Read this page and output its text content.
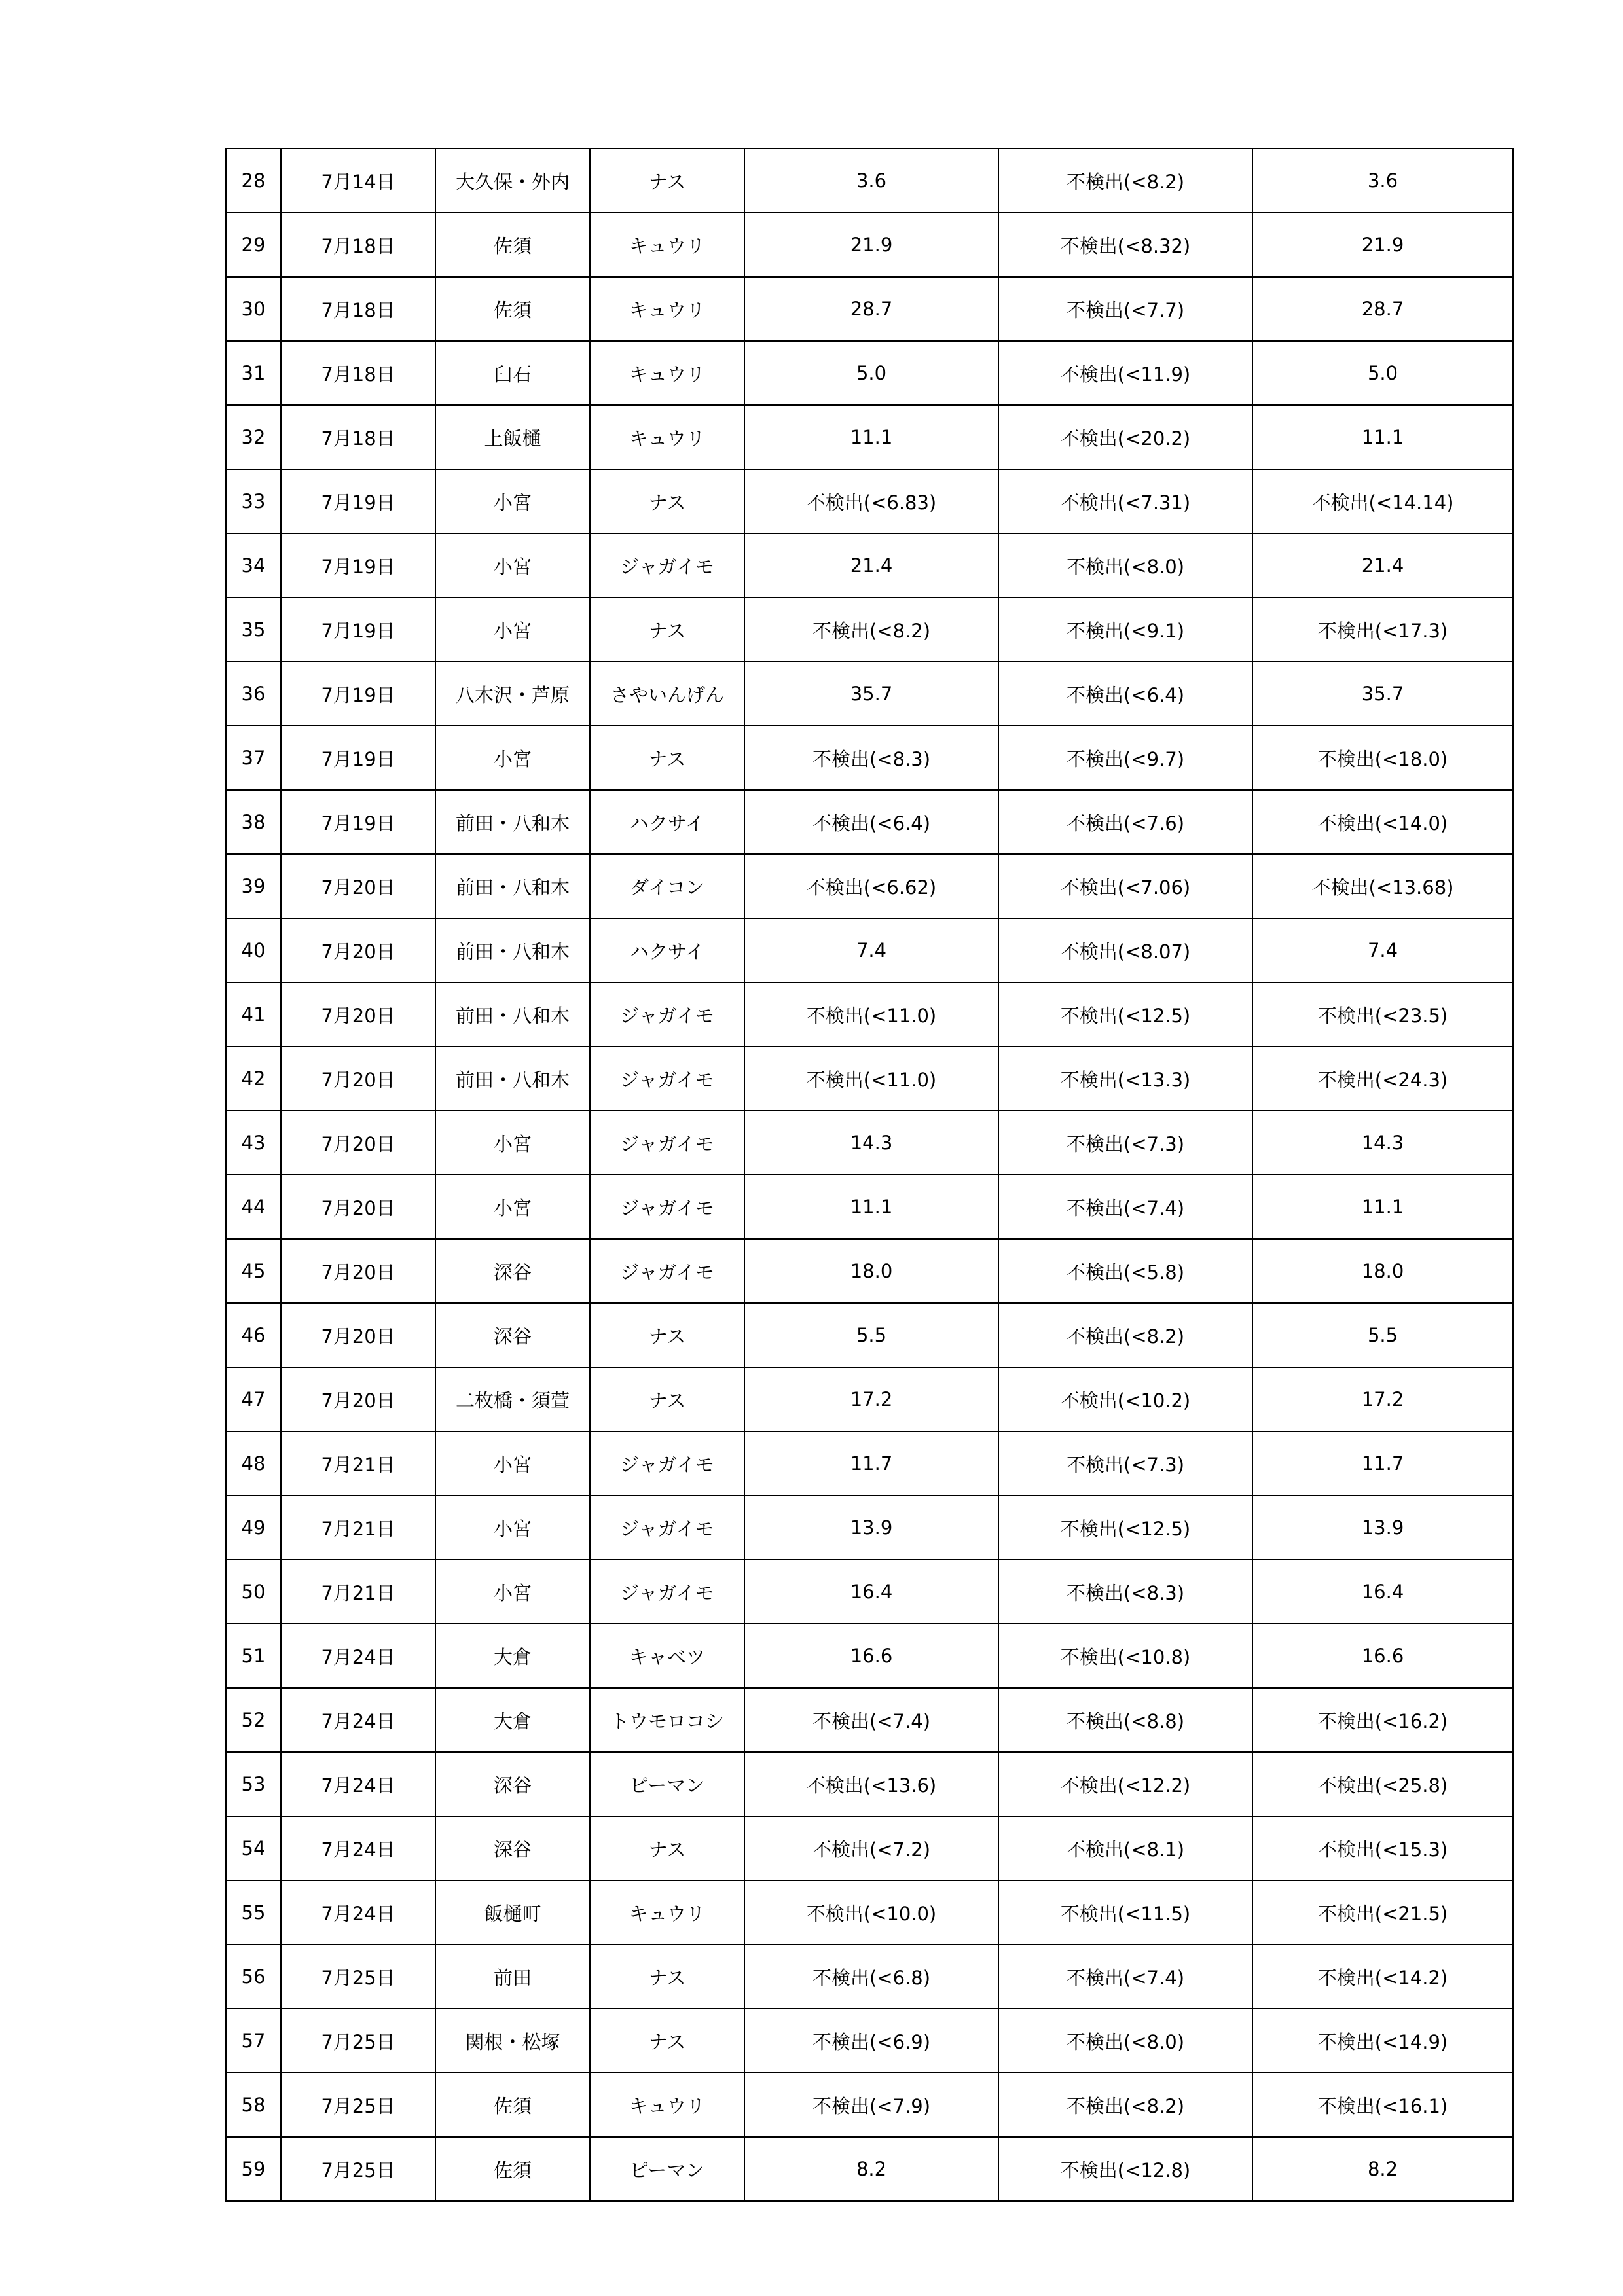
28	7月14日	大久保・外内	ナス	3.6	不検出(<8.2)	3.6
29	7月18日	佐須	キュウリ	21.9	不検出(<8.32)	21.9
30	7月18日	佐須	キュウリ	28.7	不検出(<7.7)	28.7
31	7月18日	臼石	キュウリ	5.0	不検出(<11.9)	5.0
32	7月18日	上飯樋	キュウリ	11.1	不検出(<20.2)	11.1
33	7月19日	小宮	ナス	不検出(<6.83)	不検出(<7.31)	不検出(<14.14)
34	7月19日	小宮	ジャガイモ	21.4	不検出(<8.0)	21.4
35	7月19日	小宮	ナス	不検出(<8.2)	不検出(<9.1)	不検出(<17.3)
36	7月19日	八木沢・芦原	さやいんげん	35.7	不検出(<6.4)	35.7
37	7月19日	小宮	ナス	不検出(<8.3)	不検出(<9.7)	不検出(<18.0)
38	7月19日	前田・八和木	ハクサイ	不検出(<6.4)	不検出(<7.6)	不検出(<14.0)
39	7月20日	前田・八和木	ダイコン	不検出(<6.62)	不検出(<7.06)	不検出(<13.68)
40	7月20日	前田・八和木	ハクサイ	7.4	不検出(<8.07)	7.4
41	7月20日	前田・八和木	ジャガイモ	不検出(<11.0)	不検出(<12.5)	不検出(<23.5)
42	7月20日	前田・八和木	ジャガイモ	不検出(<11.0)	不検出(<13.3)	不検出(<24.3)
43	7月20日	小宮	ジャガイモ	14.3	不検出(<7.3)	14.3
44	7月20日	小宮	ジャガイモ	11.1	不検出(<7.4)	11.1
45	7月20日	深谷	ジャガイモ	18.0	不検出(<5.8)	18.0
46	7月20日	深谷	ナス	5.5	不検出(<8.2)	5.5
47	7月20日	二枚橋・須萱	ナス	17.2	不検出(<10.2)	17.2
48	7月21日	小宮	ジャガイモ	11.7	不検出(<7.3)	11.7
49	7月21日	小宮	ジャガイモ	13.9	不検出(<12.5)	13.9
50	7月21日	小宮	ジャガイモ	16.4	不検出(<8.3)	16.4
51	7月24日	大倉	キャベツ	16.6	不検出(<10.8)	16.6
52	7月24日	大倉	トウモロコシ	不検出(<7.4)	不検出(<8.8)	不検出(<16.2)
53	7月24日	深谷	ピーマン	不検出(<13.6)	不検出(<12.2)	不検出(<25.8)
54	7月24日	深谷	ナス	不検出(<7.2)	不検出(<8.1)	不検出(<15.3)
55	7月24日	飯樋町	キュウリ	不検出(<10.0)	不検出(<11.5)	不検出(<21.5)
56	7月25日	前田	ナス	不検出(<6.8)	不検出(<7.4)	不検出(<14.2)
57	7月25日	関根・松塚	ナス	不検出(<6.9)	不検出(<8.0)	不検出(<14.9)
58	7月25日	佐須	キュウリ	不検出(<7.9)	不検出(<8.2)	不検出(<16.1)
59	7月25日	佐須	ピーマン	8.2	不検出(<12.8)	8.2
